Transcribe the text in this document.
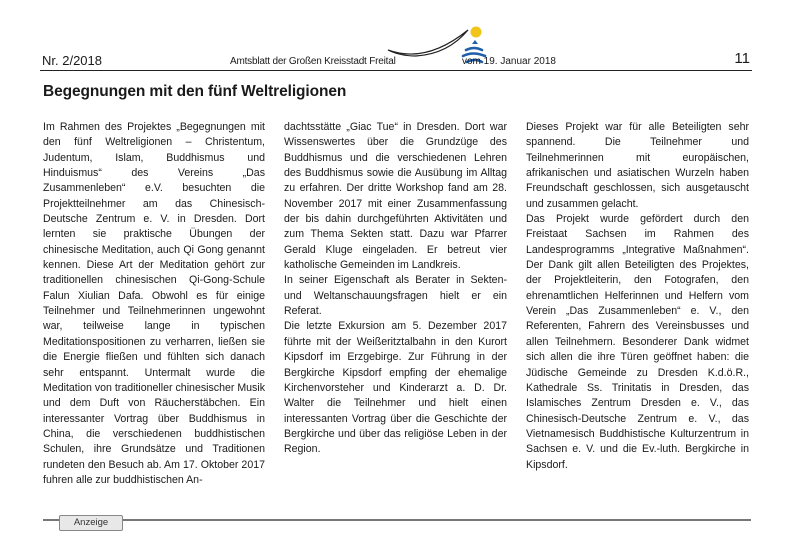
Nr. 2/2018	Amtsblatt der Großen Kreisstadt Freital	vom 19. Januar 2018	11
Begegnungen mit den fünf Weltreligionen

Im Rahmen des Projektes „Begegnungen mit den fünf Weltreligionen – Christentum, Judentum, Islam, Buddhismus und Hinduismus“ des Vereins „Das Zusammenleben“ e.V. besuchten die Projektteilnehmer am das Chinesisch-Deutsche Zentrum e. V. in Dresden. Dort lernten sie praktische Übungen der chinesische Meditation, auch Qi Gong genannt kennen. Diese Art der Meditation gehört zur traditionellen chinesischen Qi-Gong-Schule Falun Xiulian Dafa. Obwohl es für einige Teilnehmer und Teilnehmerinnen ungewohnt war, teilweise lange in typischen Meditationspositionen zu verharren, ließen sie die Energie fließen und fühlten sich danach sehr entspannt. Untermalt wurde die Meditation von traditioneller chinesischer Musik und dem Duft von Räucherstäbchen. Ein interessanter Vortrag über Buddhismus in China, die verschiedenen buddhistischen Schulen, ihre Grundsätze und Traditionen rundeten den Besuch ab. Am 17. Oktober 2017 fuhren alle zur buddhistischen An-

dachtsstätte „Giac Tue“ in Dresden. Dort war Wissenswertes über die Grundzüge des Buddhismus und die verschiedenen Lehren des Buddhismus sowie die Ausübung im Alltag zu erfahren. Der dritte Workshop fand am 28. November 2017 mit einer Zusammenfassung der bis dahin durchgeführten Aktivitäten und zum Thema Sekten statt. Dazu war Pfarrer Gerald Kluge eingeladen. Er betreut vier katholische Gemeinden im Landkreis.

In seiner Eigenschaft als Berater in Sekten- und Weltanschauungsfragen hielt er ein Referat.

Die letzte Exkursion am 5. Dezember 2017 führte mit der Weißeritztalbahn in den Kurort Kipsdorf im Erzgebirge. Zur Führung in der Bergkirche Kipsdorf empfing der ehemalige Kirchenvorsteher und Kinderarzt a. D. Dr. Walter die Teilnehmer und hielt einen interessanten Vortrag über die Geschichte der Bergkirche und über das religiöse Leben in der Region.

Dieses Projekt war für alle Beteiligten sehr spannend. Die Teilnehmer und Teilnehmerinnen mit europäischen, afrikanischen und asiatischen Wurzeln haben Freundschaft geschlossen, sich ausgetauscht und zusammen gelacht.

Das Projekt wurde gefördert durch den Freistaat Sachsen im Rahmen des Landesprogramms „Integrative Maßnahmen“. Der Dank gilt allen Beteiligten des Projektes, der Projektleiterin, den Fotografen, den ehrenamtlichen Helferinnen und Helfern vom Verein „Das Zusammenleben“ e. V., den Referenten, Fahrern des Vereinsbusses und allen Teilnehmern. Besonderer Dank widmet sich allen die ihre Türen geöffnet haben: die Jüdische Gemeinde zu Dresden K.d.ö.R., Kathedrale Ss. Trinitatis in Dresden, das Islamisches Zentrum Dresden e. V., das Chinesisch-Deutsche Zentrum e. V., das Vietnamesisch Buddhistische Kulturzentrum in Sachsen e. V. und die Ev.-luth. Bergkirche in Kipsdorf.

Anzeige
